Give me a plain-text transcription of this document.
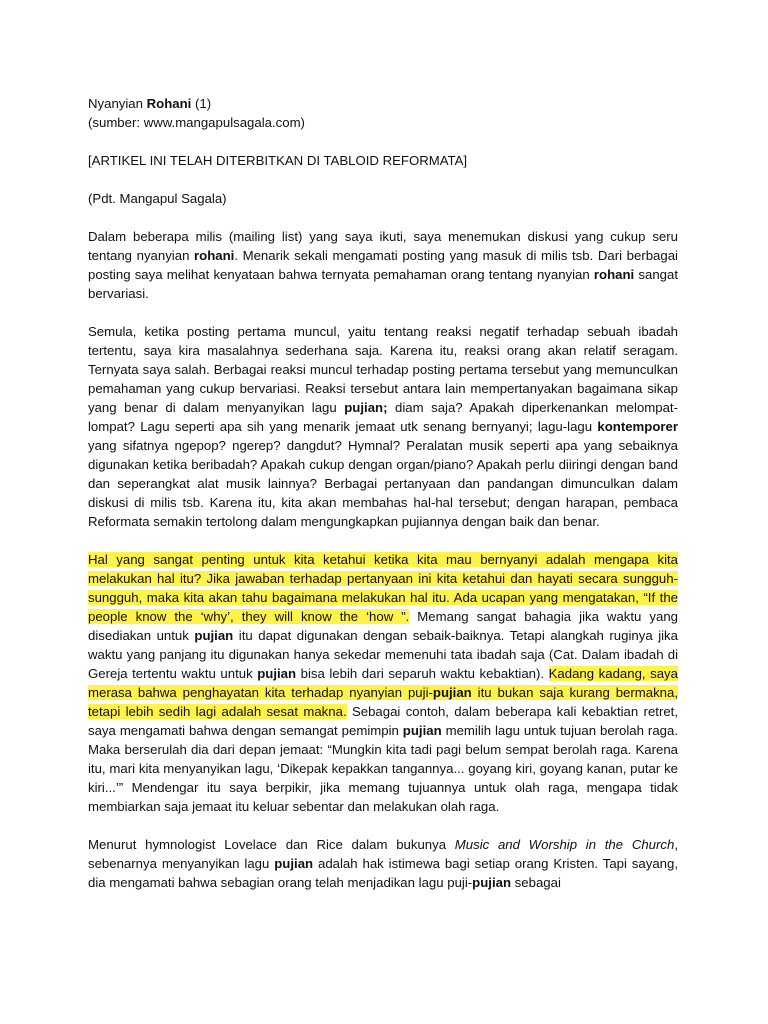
Nyanyian Rohani (1)
(sumber: www.mangapulsagala.com)
[ARTIKEL INI TELAH DITERBITKAN DI TABLOID REFORMATA]
(Pdt. Mangapul Sagala)

Dalam beberapa milis (mailing list) yang saya ikuti, saya menemukan diskusi yang cukup seru tentang nyanyian rohani. Menarik sekali mengamati posting yang masuk di milis tsb. Dari berbagai posting saya melihat kenyataan bahwa ternyata pemahaman orang tentang nyanyian rohani sangat bervariasi.

Semula, ketika posting pertama muncul, yaitu tentang reaksi negatif terhadap sebuah ibadah tertentu, saya kira masalahnya sederhana saja. Karena itu, reaksi orang akan relatif seragam. Ternyata saya salah. Berbagai reaksi muncul terhadap posting pertama tersebut yang memunculkan pemahaman yang cukup bervariasi. Reaksi tersebut antara lain mempertanyakan bagaimana sikap yang benar di dalam menyanyikan lagu pujian; diam saja? Apakah diperkenankan melompat-lompat? Lagu seperti apa sih yang menarik jemaat utk senang bernyanyi; lagu-lagu kontemporer yang sifatnya ngepop? ngerep? dangdut? Hymnal? Peralatan musik seperti apa yang sebaiknya digunakan ketika beribadah? Apakah cukup dengan organ/piano? Apakah perlu diiringi dengan band dan seperangkat alat musik lainnya? Berbagai pertanyaan dan pandangan dimunculkan dalam diskusi di milis tsb. Karena itu, kita akan membahas hal-hal tersebut; dengan harapan, pembaca Reformata semakin tertolong dalam mengungkapkan pujiannya dengan baik dan benar.

Hal yang sangat penting untuk kita ketahui ketika kita mau bernyanyi adalah mengapa kita melakukan hal itu? Jika jawaban terhadap pertanyaan ini kita ketahui dan hayati secara sungguh-sungguh, maka kita akan tahu bagaimana melakukan hal itu. Ada ucapan yang mengatakan, “If the people know the ‘why’, they will know the ‘how ”. Memang sangat bahagia jika waktu yang disediakan untuk pujian itu dapat digunakan dengan sebaik-baiknya. Tetapi alangkah ruginya jika waktu yang panjang itu digunakan hanya sekedar memenuhi tata ibadah saja (Cat. Dalam ibadah di Gereja tertentu waktu untuk pujian bisa lebih dari separuh waktu kebaktian). Kadang kadang, saya merasa bahwa penghayatan kita terhadap nyanyian puji-pujian itu bukan saja kurang bermakna, tetapi lebih sedih lagi adalah sesat makna. Sebagai contoh, dalam beberapa kali kebaktian retret, saya mengamati bahwa dengan semangat pemimpin pujian memilih lagu untuk tujuan berolah raga. Maka berserulah dia dari depan jemaat: “Mungkin kita tadi pagi belum sempat berolah raga. Karena itu, mari kita menyanyikan lagu, ‘Dikepak kepakkan tangannya... goyang kiri, goyang kanan, putar ke kiri...’” Mendengar itu saya berpikir, jika memang tujuannya untuk olah raga, mengapa tidak membiarkan saja jemaat itu keluar sebentar dan melakukan olah raga.

Menurut hymnologist Lovelace dan Rice dalam bukunya Music and Worship in the Church, sebenarnya menyanyikan lagu pujian adalah hak istimewa bagi setiap orang Kristen. Tapi sayang, dia mengamati bahwa sebagian orang telah menjadikan lagu puji-pujian sebagai
